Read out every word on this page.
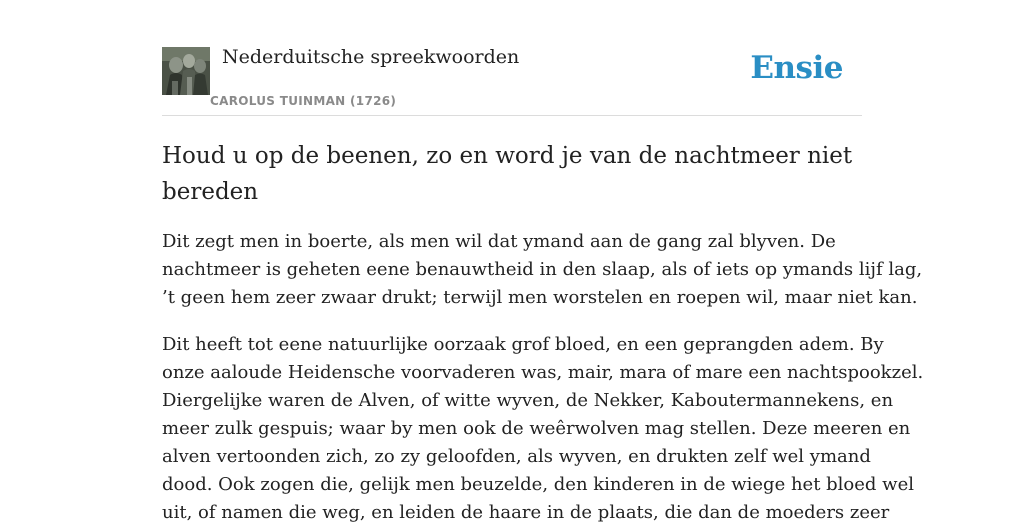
Nederduitsche spreekwoorden
CAROLUS TUINMAN (1726)
Ensie
Houd u op de beenen, zo en word je van de nachtmeer niet bereden

Dit zegt men in boerte, als men wil dat ymand aan de gang zal blyven. De
nachtmeer is geheten eene benauwtheid in den slaap, als of iets op ymands lijf lag,
’t geen hem zeer zwaar drukt; terwijl men worstelen en roepen wil, maar niet kan.

Dit heeft tot eene natuurlijke oorzaak grof bloed, en een geprangden adem. By
onze aaloude Heidensche voorvaderen was, mair, mara of mare een nachtspookzel.
Diergelijke waren de Alven, of witte wyven, de Nekker, Kaboutermannekens, en
meer zulk gespuis; waar by men ook de weêrwolven mag stellen. Deze meeren en
alven vertoonden zich, zo zy geloofden, als wyven, en drukten zelf wel ymand
dood. Ook zogen die, gelijk men beuzelde, den kinderen in de wiege het bloed wel
uit, of namen die weg, en leiden de haare in de plaats, die dan de moeders zeer
